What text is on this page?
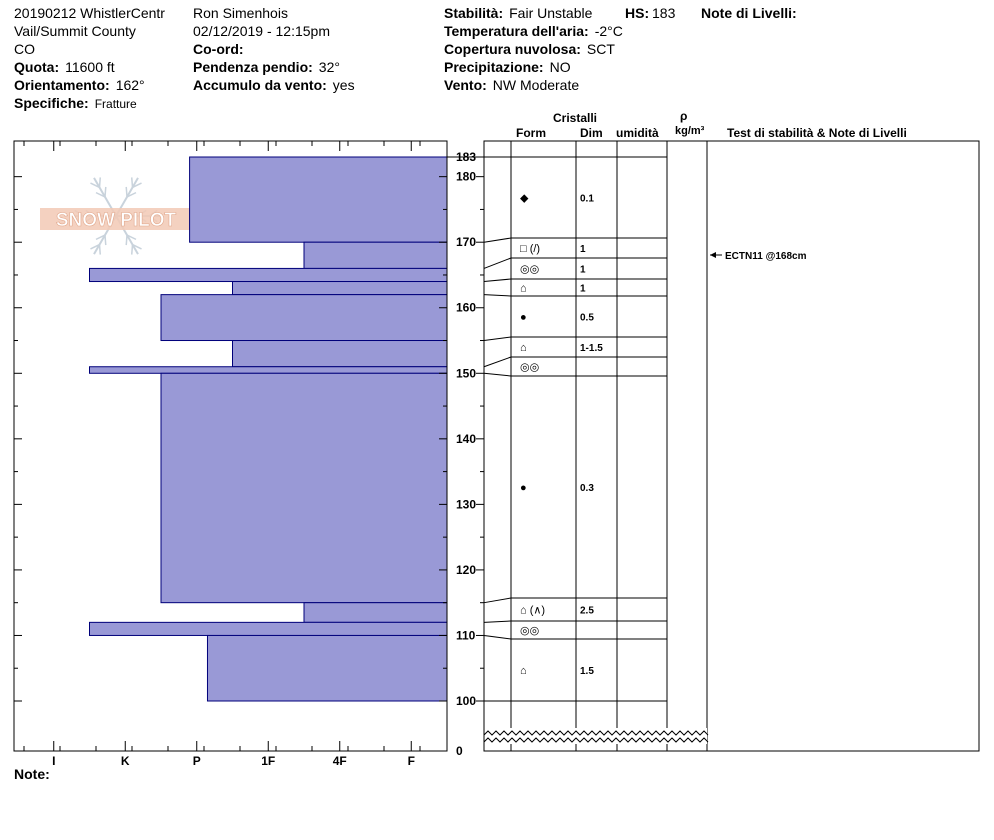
20190212 WhistlerCentr
Vail/Summit County
CO
Quota: 11600 ft
Orientamento: 162°
Specifiche: Fratture
Ron Simenhois
02/12/2019 - 12:15pm
Co-ord:
Pendenza pendio: 32°
Accumulo da vento: yes
Stabilità: Fair Unstable
Temperatura dell'aria: -2°C
Copertura nuvolosa: SCT
Precipitazione: NO
Vento: NW Moderate
HS: 183 Note di Livelli:
Cristalli
Form	Dim umidità
ρ
kg/m³ Test di stabilità & Note di Livelli
Note:
SNOW PILOT
I	K	P	1F	4F	F
180
170
160
150
140
130
120
110
100
0
183
◆	0.1
□ (/)	1
◎◎	1
⌂	1
●	0.5
⌂	1-1.5
◎◎
●	0.3
⌂ (∧)	2.5
◎◎
⌂	1.5
ECTN11 @168cm
